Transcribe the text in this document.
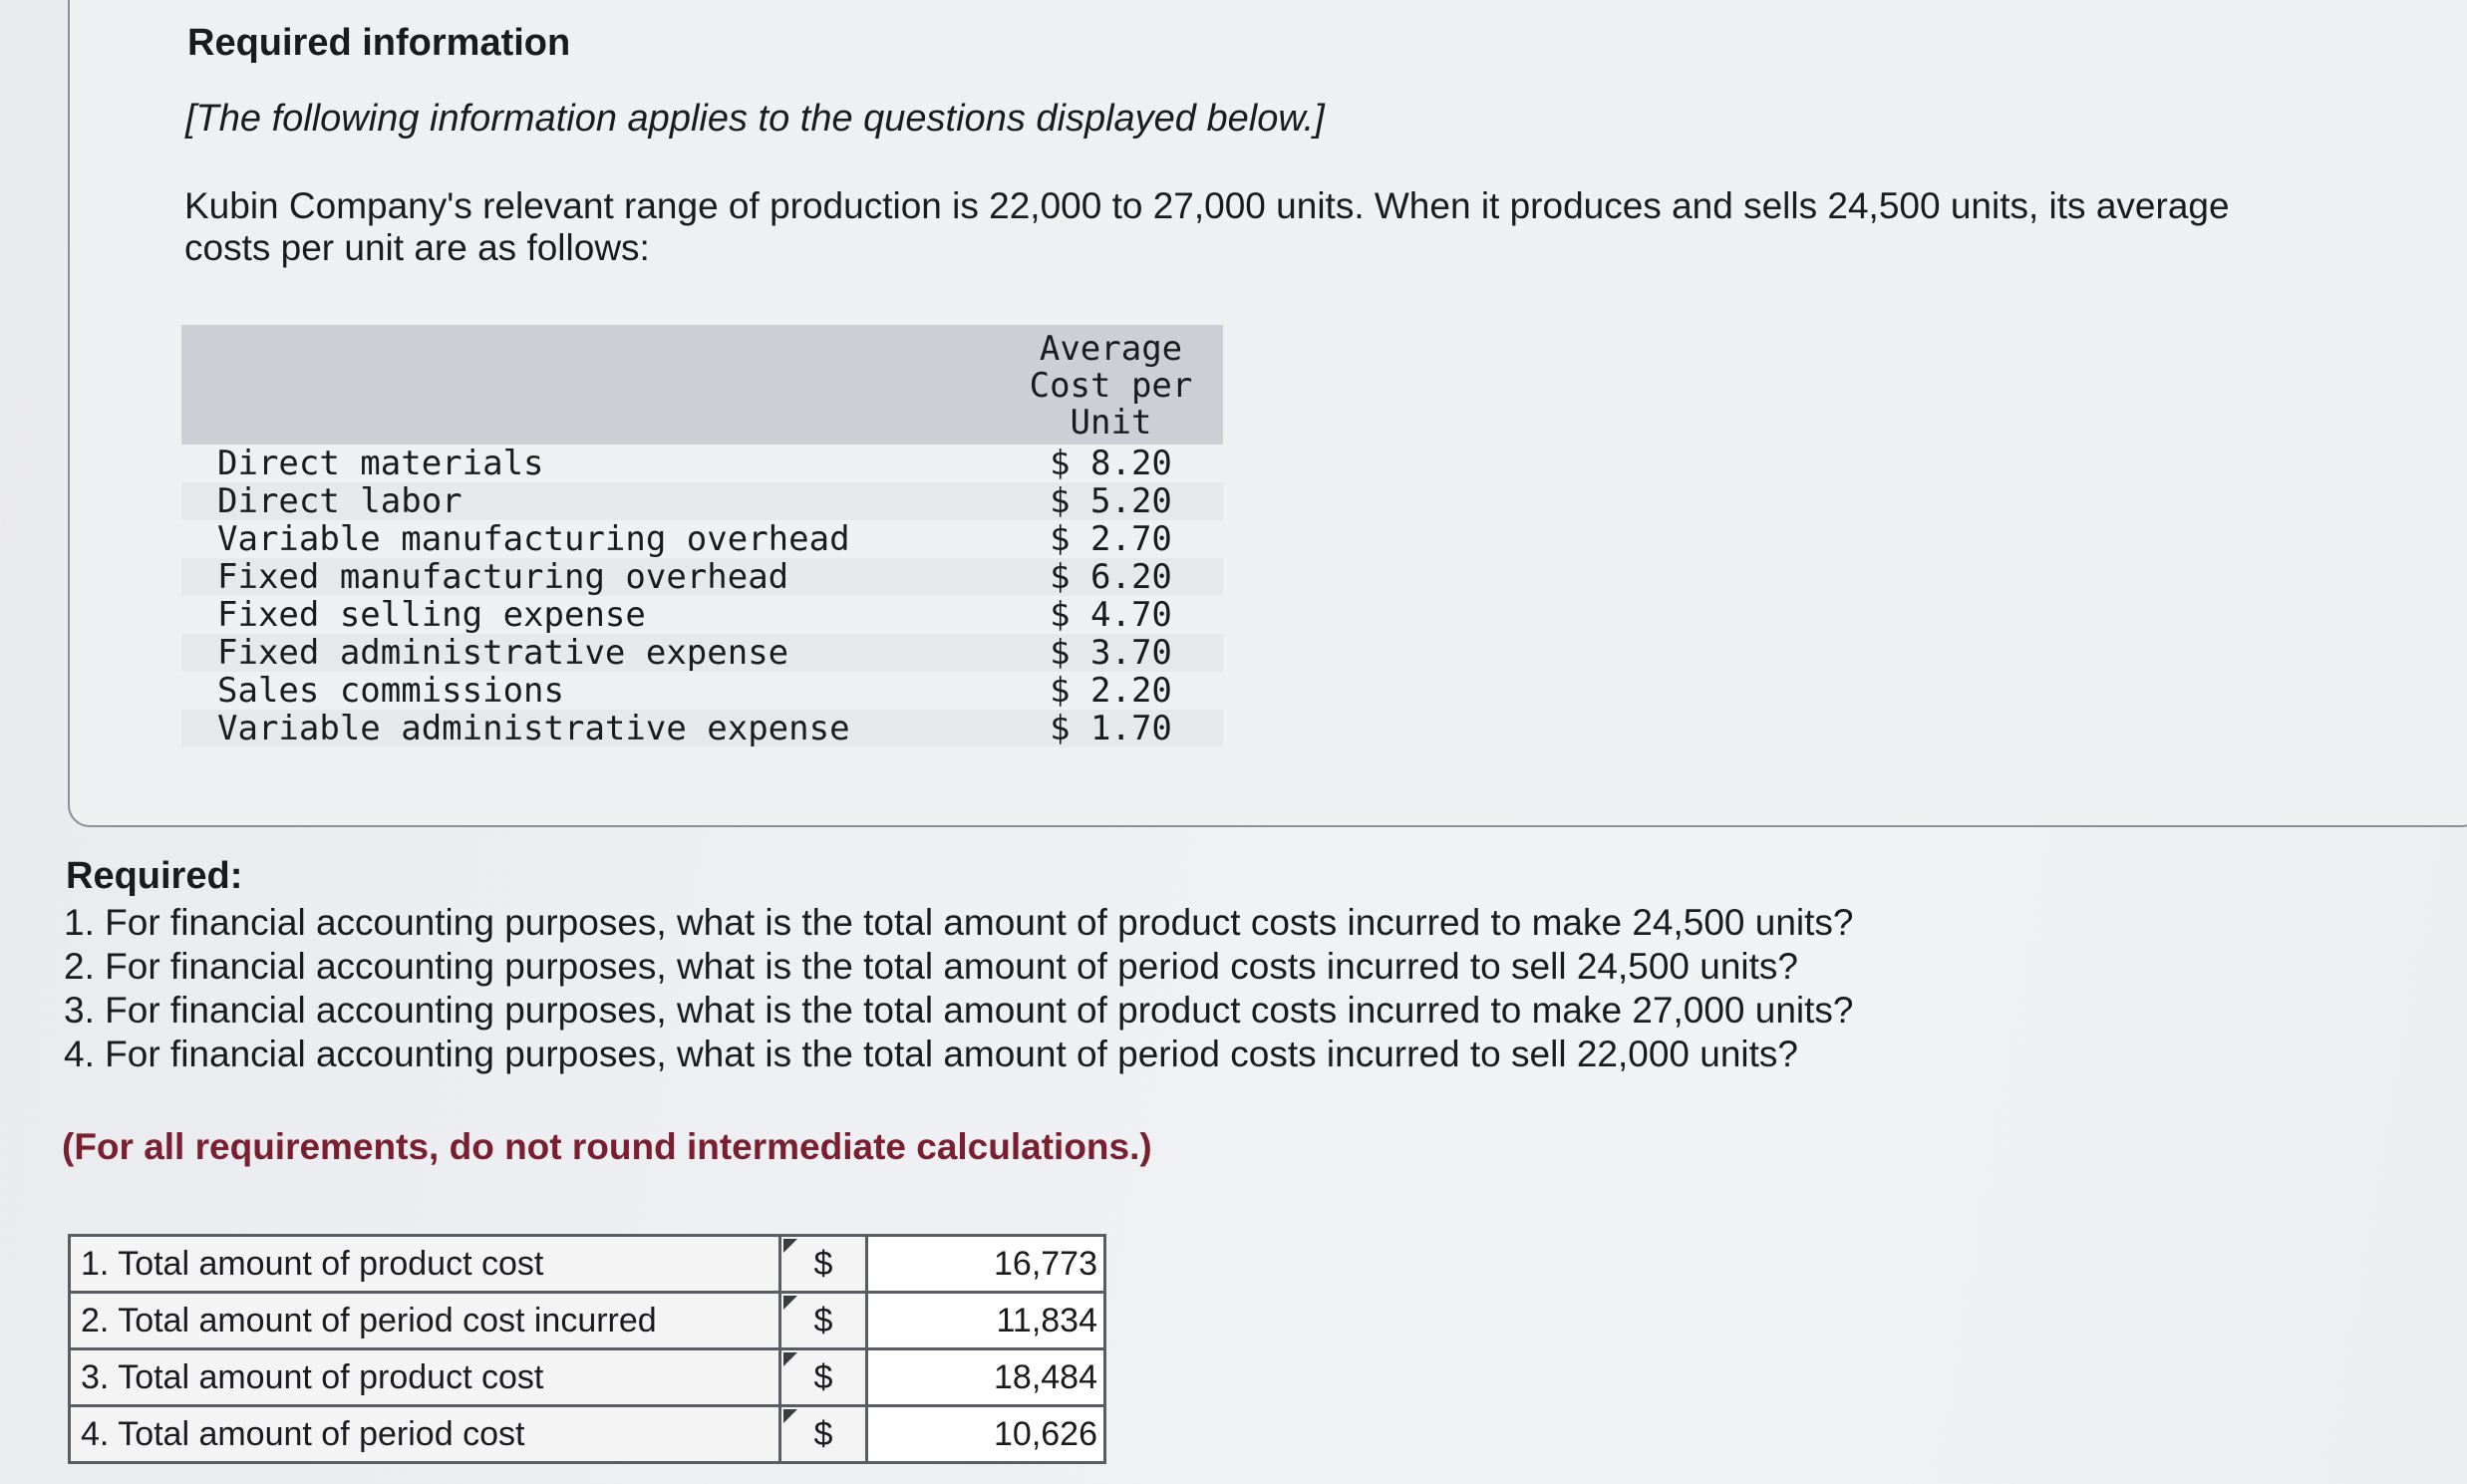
Required information
[The following information applies to the questions displayed below.]
Kubin Company's relevant range of production is 22,000 to 27,000 units. When it produces and sells 24,500 units, its average costs per unit are as follows:
Average
Cost per
Unit
Direct materials	$ 8.20
Direct labor	$ 5.20
Variable manufacturing overhead	$ 2.70
Fixed manufacturing overhead	$ 6.20
Fixed selling expense	$ 4.70
Fixed administrative expense	$ 3.70
Sales commissions	$ 2.20
Variable administrative expense	$ 1.70
Required:
1. For financial accounting purposes, what is the total amount of product costs incurred to make 24,500 units?
2. For financial accounting purposes, what is the total amount of period costs incurred to sell 24,500 units?
3. For financial accounting purposes, what is the total amount of product costs incurred to make 27,000 units?
4. For financial accounting purposes, what is the total amount of period costs incurred to sell 22,000 units?
(For all requirements, do not round intermediate calculations.)
1. Total amount of product cost	$	16,773
2. Total amount of period cost incurred	$	11,834
3. Total amount of product cost	$	18,484
4. Total amount of period cost	$	10,626
